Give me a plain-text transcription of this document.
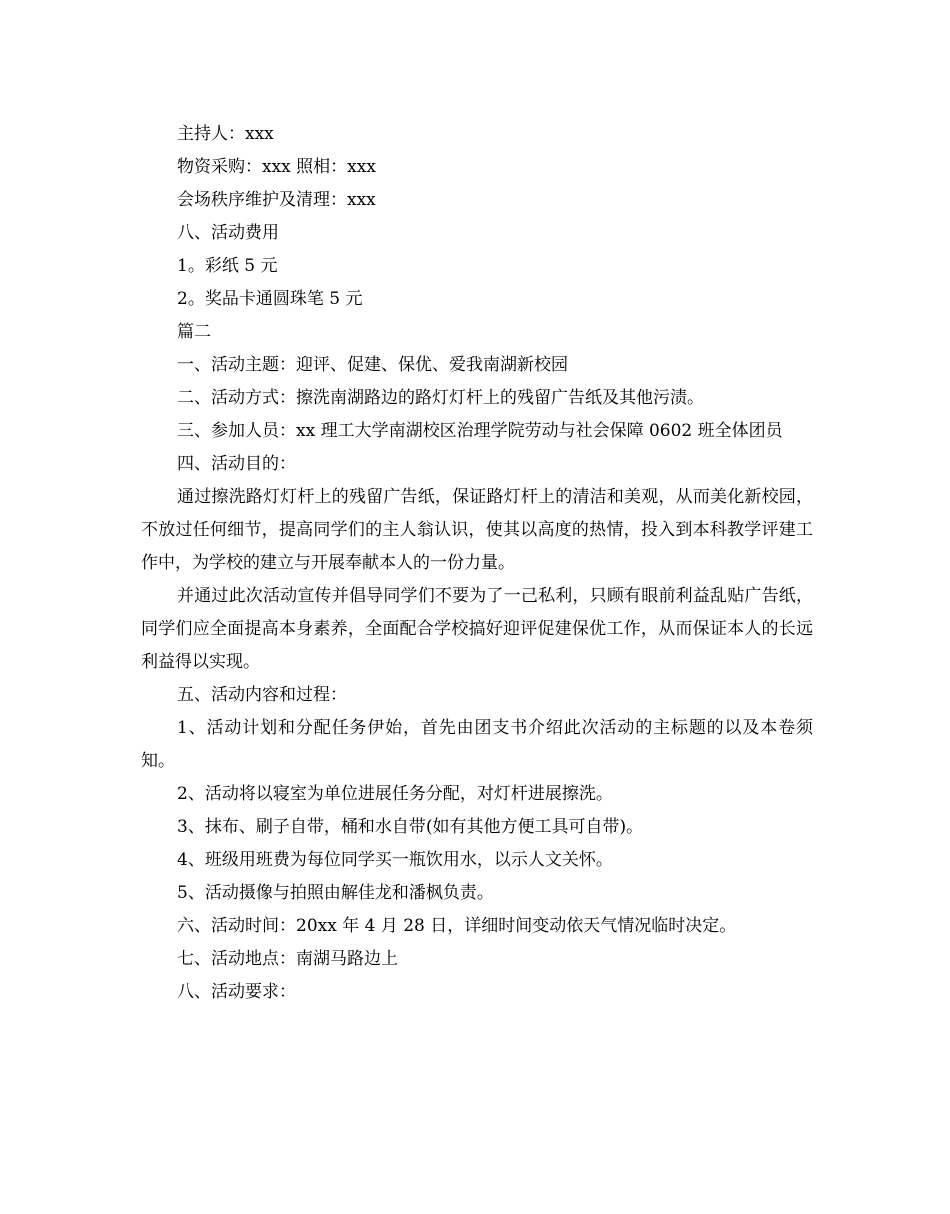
主持人：xxx

物资采购：xxx 照相：xxx

会场秩序维护及清理：xxx

八、活动费用

1。彩纸 5 元

2。奖品卡通圆珠笔 5 元

篇二

一、活动主题：迎评、促建、保优、爱我南湖新校园

二、活动方式：擦洗南湖路边的路灯灯杆上的残留广告纸及其他污渍。

三、参加人员：xx 理工大学南湖校区治理学院劳动与社会保障 0602 班全体团员

四、活动目的：

通过擦洗路灯灯杆上的残留广告纸，保证路灯杆上的清洁和美观，从而美化新校园，不放过任何细节，提高同学们的主人翁认识，使其以高度的热情，投入到本科教学评建工作中，为学校的建立与开展奉献本人的一份力量。

并通过此次活动宣传并倡导同学们不要为了一己私利，只顾有眼前利益乱贴广告纸，同学们应全面提高本身素养，全面配合学校搞好迎评促建保优工作，从而保证本人的长远利益得以实现。

五、活动内容和过程：

1、活动计划和分配任务伊始，首先由团支书介绍此次活动的主标题的以及本卷须知。

2、活动将以寝室为单位进展任务分配，对灯杆进展擦洗。

3、抹布、刷子自带，桶和水自带(如有其他方便工具可自带)。

4、班级用班费为每位同学买一瓶饮用水，以示人文关怀。

5、活动摄像与拍照由解佳龙和潘枫负责。

六、活动时间：20xx 年 4 月 28 日，详细时间变动依天气情况临时决定。

七、活动地点：南湖马路边上

八、活动要求：
